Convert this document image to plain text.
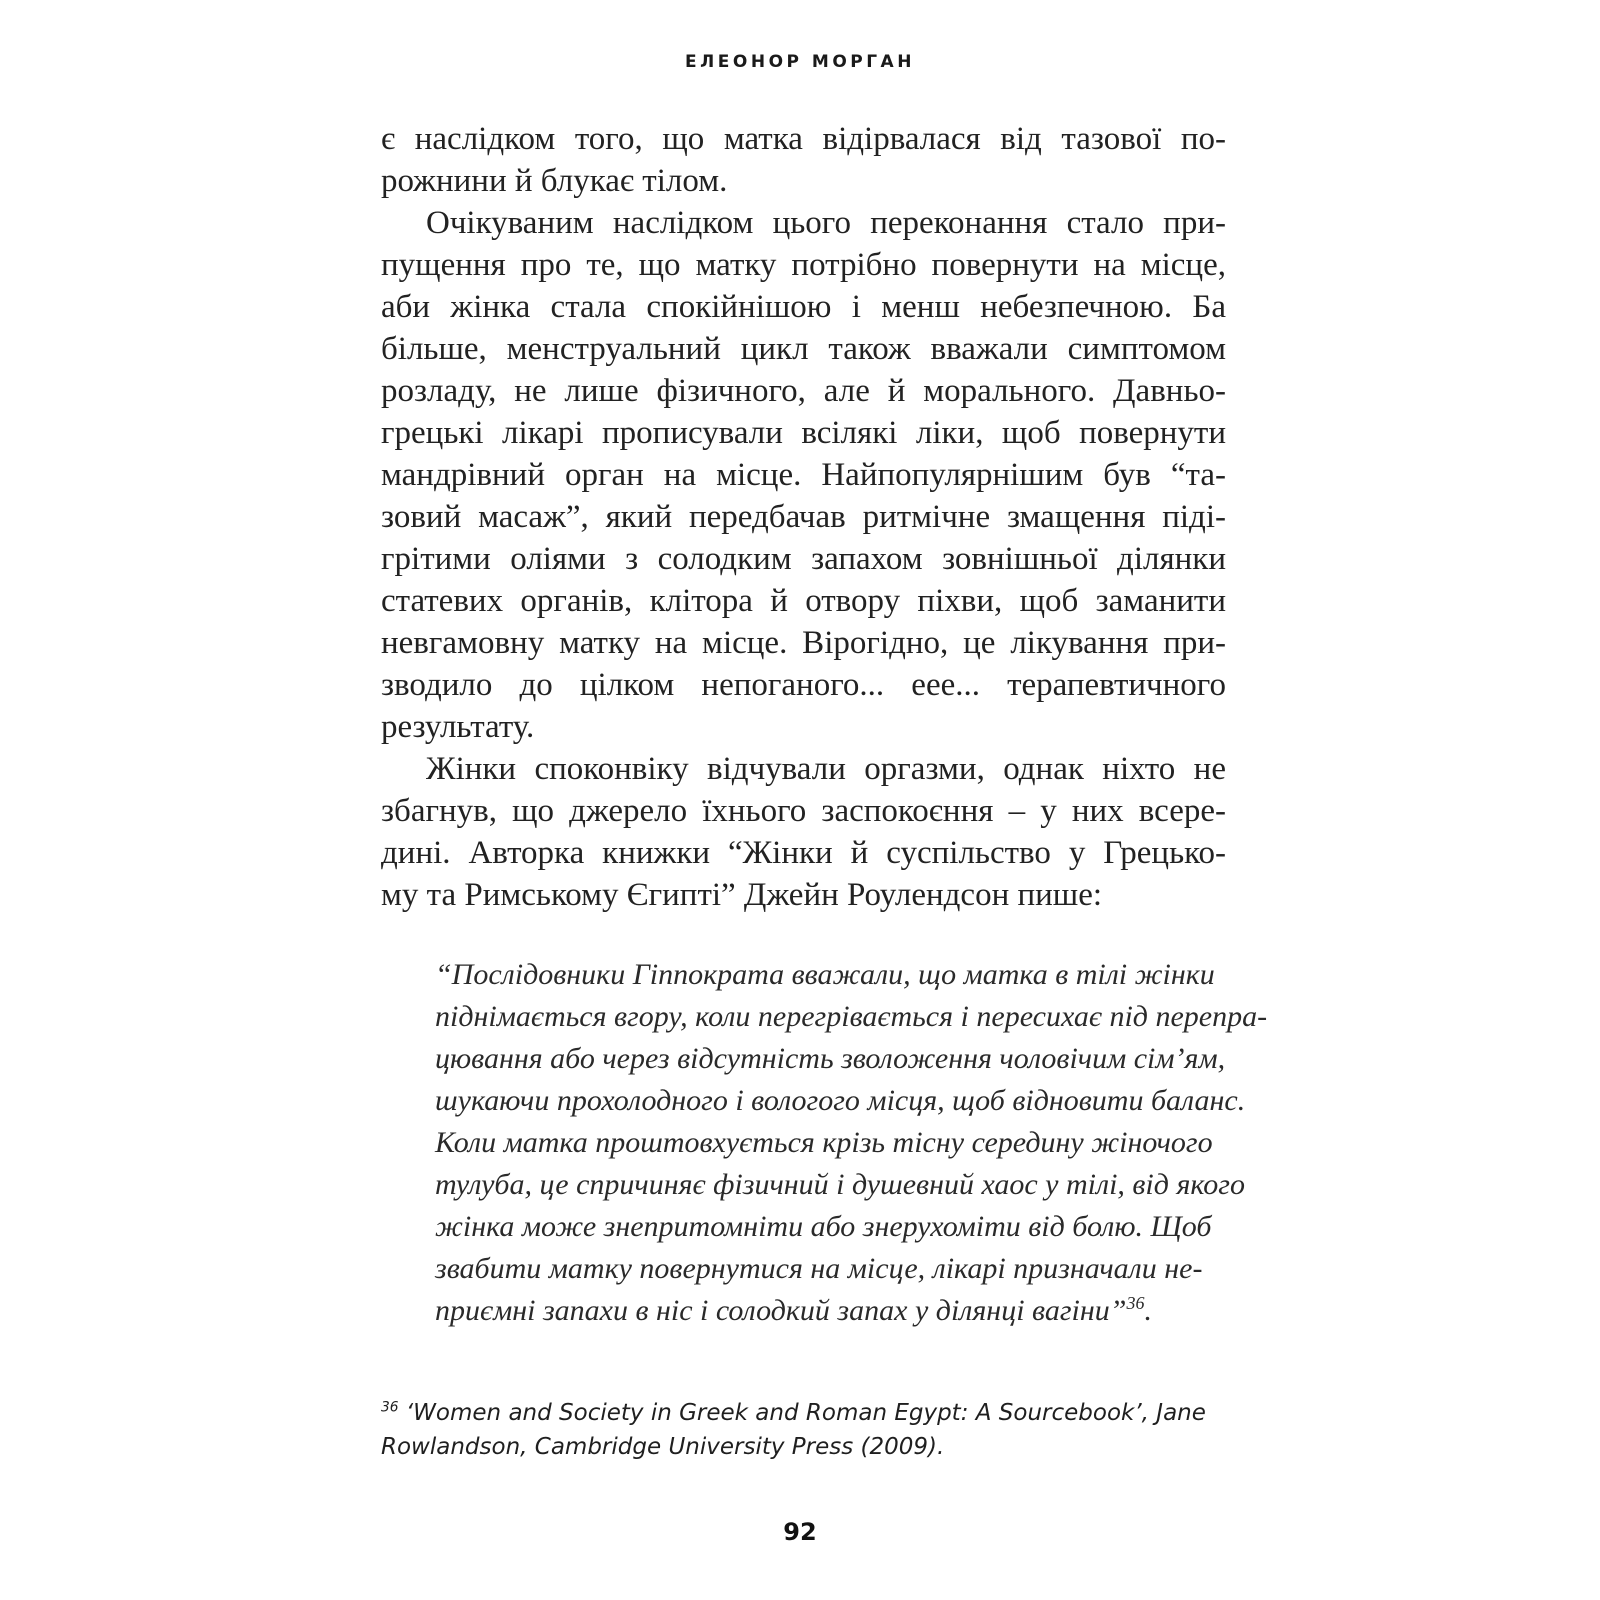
ЕЛЕОНОР МОРГАН
є наслідком того, що матка відірвалася від тазової по-
рожнини й блукає тілом.
Очікуваним наслідком цього переконання стало при-
пущення про те, що матку потрібно повернути на місце,
аби жінка стала спокійнішою і менш небезпечною. Ба
більше, менструальний цикл також вважали симптомом
розладу, не лише фізичного, але й морального. Давньо-
грецькі лікарі прописували всілякі ліки, щоб повернути
мандрівний орган на місце. Найпопулярнішим був “та-
зовий масаж”, який передбачав ритмічне змащення піді-
грітими оліями з солодким запахом зовнішньої ділянки
статевих органів, клітора й отвору піхви, щоб заманити
невгамовну матку на місце. Вірогідно, це лікування при-
зводило до цілком непоганого... еее... терапевтичного
результату.
Жінки споконвіку відчували оргазми, однак ніхто не
збагнув, що джерело їхнього заспокоєння – у них всере-
дині. Авторка книжки “Жінки й суспільство у Грецько-
му та Римському Єгипті” Джейн Роулендсон пише:
“Послідовники Гіппократа вважали, що матка в тілі жінки
піднімається вгору, коли перегрівається і пересихає під перепра-
цювання або через відсутність зволоження чоловічим сім’ям,
шукаючи прохолодного і вологого місця, щоб відновити баланс.
Коли матка проштовхується крізь тісну середину жіночого
тулуба, це спричиняє фізичний і душевний хаос у тілі, від якого
жінка може знепритомніти або знерухоміти від болю. Щоб
звабити матку повернутися на місце, лікарі призначали не-
приємні запахи в ніс і солодкий запах у ділянці вагіни”$^{36}$.
$^{36}$ ‘Women and Society in Greek and Roman Egypt: A Sourcebook’, Jane
Rowlandson, Cambridge University Press (2009).
92
